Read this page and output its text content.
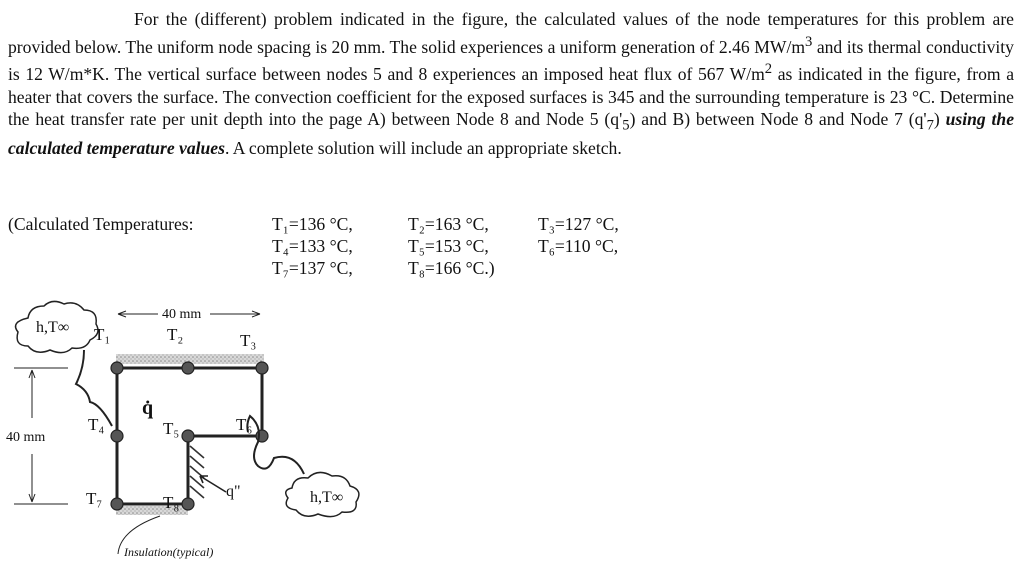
For the (different) problem indicated in the figure, the calculated values of the node temperatures for this problem are provided below. The uniform node spacing is 20 mm. The solid experiences a uniform generation of 2.46 $MW/m^3$ and its thermal conductivity is 12 W/m*K. The vertical surface between nodes 5 and 8 experiences an imposed heat flux of 567 $W/m^2$ as indicated in the figure, from a heater that covers the surface. The convection coefficient for the exposed surfaces is 345 and the surrounding temperature is 23 °C. Determine the heat transfer rate per unit depth into the page A) between Node 8 and Node 5 $(q'_5)$ and B) between Node 8 and Node 7 $(q'_7)$ using the calculated temperature values. A complete solution will include an appropriate sketch.

(Calculated Temperatures:	T₁=136 °C,	T₂=163 °C,	T₃=127 °C,
T₄=133 °C,	T₅=153 °C,	T₆=110 °C,
T₇=137 °C,	T₈=166 °C.)
h,T∞
h,T∞
40 mm
40 mm
T₁	T₂	T₃
T₄	T₅	T₆
T₇	T₈
q̇
q"
Insulation(typical)
